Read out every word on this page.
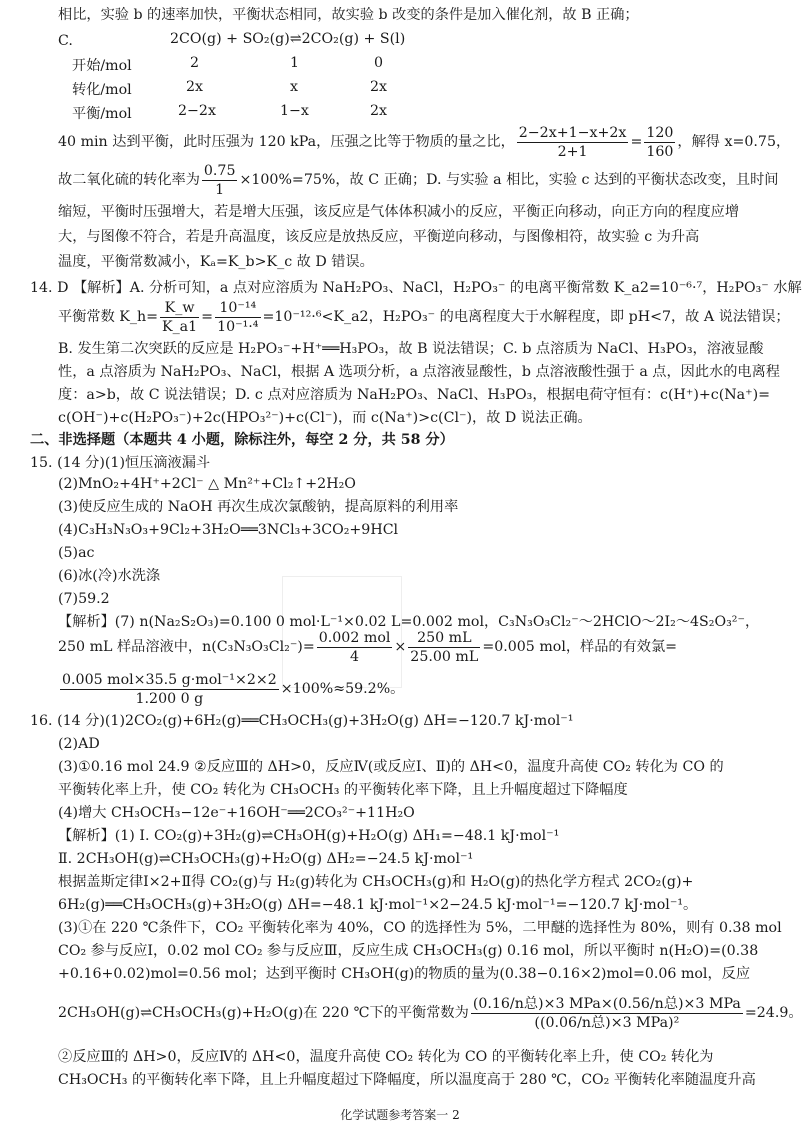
相比，实验 b 的速率加快，平衡状态相同，故实验 b 改变的条件是加入催化剂，故 B 正确；
C.	2CO(g) + SO₂(g)⇌2CO₂(g) + S(l)
开始/mol	2	1	0
转化/mol	2x	x	2x
平衡/mol	2−2x	1−x	2x
40 min 达到平衡，此时压强为 120 kPa，压强之比等于物质的量之比， $\frac{2-2x+1-x+2x}{2+1} = \frac{120}{160}$ ，解得 x=0.75，
故二氧化硫的转化率为 $\frac{0.75}{1} \times 100\%=75\%$，故 C 正确；D. 与实验 a 相比，实验 c 达到的平衡状态改变，且时间
缩短，平衡时压强增大，若是增大压强，该反应是气体体积减小的反应，平衡正向移动，向正方向的程度应增
大，与图像不符合，若是升高温度，该反应是放热反应，平衡逆向移动，与图像相符，故实验 c 为升高
温度，平衡常数减小，Kₐ=K_b>K_c 故 D 错误。
14. D 【解析】A. 分析可知，a 点对应溶质为 NaH₂PO₃、NaCl，H₂PO₃⁻ 的电离平衡常数 K_a2=10⁻⁶·⁷，H₂PO₃⁻ 水解
平衡常数 K_h= $\frac{K\_w}{K\_a1} = \frac{\text{10⁻¹⁴}}{\text{10⁻¹·⁴}}$ =10⁻¹²·⁶<K_a2，H₂PO₃⁻ 的电离程度大于水解程度，即 pH<7，故 A 说法错误；
B. 发生第二次突跃的反应是 H₂PO₃⁻+H⁺══H₃PO₃，故 B 说法错误；C. b 点溶质为 NaCl、H₃PO₃，溶液显酸
性，a 点溶质为 NaH₂PO₃、NaCl，根据 A 选项分析，a 点溶液显酸性，b 点溶液酸性强于 a 点，因此水的电离程
度：a>b，故 C 说法错误；D. c 点对应溶质为 NaH₂PO₃、NaCl、H₃PO₃，根据电荷守恒有：c(H⁺)+c(Na⁺)=
c(OH⁻)+c(H₂PO₃⁻)+2c(HPO₃²⁻)+c(Cl⁻)，而 c(Na⁺)>c(Cl⁻)，故 D 说法正确。
二、非选择题（本题共 4 小题，除标注外，每空 2 分，共 58 分）
15. (14 分)(1)恒压滴液漏斗
(2)MnO₂+4H⁺+2Cl⁻ △ Mn²⁺+Cl₂↑+2H₂O
(3)使反应生成的 NaOH 再次生成次氯酸钠，提高原料的利用率
(4)C₃H₃N₃O₃+9Cl₂+3H₂O══3NCl₃+3CO₂+9HCl
(5)ac
(6)冰(冷)水洗涤
(7)59.2
【解析】(7) n(Na₂S₂O₃)=0.100 0 mol·L⁻¹×0.02 L=0.002 mol，C₃N₃O₃Cl₂⁻～2HClO～2I₂～4S₂O₃²⁻，
250 mL 样品溶液中，$n(C_3N_3O_3Cl_2^-)= \frac{\text{0.002 mol}}{4} \times \frac{250 mL}{25.00 mL} =0.005$ mol，样品的有效氯=
$\frac{\text{0.005 mol×35.5 g·mol⁻¹×2×2}}{1.200 0 g} \times 100\%\approx 59.2\%$。
16. (14 分)(1)2CO₂(g)+6H₂(g)══CH₃OCH₃(g)+3H₂O(g) ΔH=−120.7 kJ·mol⁻¹
(2)AD
(3)①0.16 mol 24.9 ②反应Ⅲ的 ΔH>0，反应Ⅳ(或反应Ⅰ、Ⅱ)的 ΔH<0，温度升高使 CO₂ 转化为 CO 的
平衡转化率上升，使 CO₂ 转化为 CH₃OCH₃ 的平衡转化率下降，且上升幅度超过下降幅度
(4)增大 CH₃OCH₃−12e⁻+16OH⁻══2CO₃²⁻+11H₂O
【解析】(1) Ⅰ. CO₂(g)+3H₂(g)⇌CH₃OH(g)+H₂O(g) ΔH₁=−48.1 kJ·mol⁻¹
Ⅱ. 2CH₃OH(g)⇌CH₃OCH₃(g)+H₂O(g) ΔH₂=−24.5 kJ·mol⁻¹
根据盖斯定律Ⅰ×2+Ⅱ得 CO₂(g)与 H₂(g)转化为 CH₃OCH₃(g)和 H₂O(g)的热化学方程式 2CO₂(g)+
6H₂(g)══CH₃OCH₃(g)+3H₂O(g) ΔH=−48.1 kJ·mol⁻¹×2−24.5 kJ·mol⁻¹=−120.7 kJ·mol⁻¹。
(3)①在 220 ℃条件下，CO₂ 平衡转化率为 40%，CO 的选择性为 5%，二甲醚的选择性为 80%，则有 0.38 mol
CO₂ 参与反应Ⅰ，0.02 mol CO₂ 参与反应Ⅲ，反应生成 CH₃OCH₃(g) 0.16 mol，所以平衡时 n(H₂O)=(0.38
+0.16+0.02)mol=0.56 mol；达到平衡时 CH₃OH(g)的物质的量为(0.38−0.16×2)mol=0.06 mol，反应
2CH₃OH(g)⇌CH₃OCH₃(g)+H₂O(g)在 220 ℃下的平衡常数为 $\frac{\text{(0.16/n总)×3 MPa×(0.56/n总)×3 MPa}}{\text{((0.06/n总)×3 MPa)²}} =24.9$。
②反应Ⅲ的 ΔH>0，反应Ⅳ的 ΔH<0，温度升高使 CO₂ 转化为 CO 的平衡转化率上升，使 CO₂ 转化为
CH₃OCH₃ 的平衡转化率下降，且上升幅度超过下降幅度，所以温度高于 280 ℃，CO₂ 平衡转化率随温度升高
化学试题参考答案一 2
